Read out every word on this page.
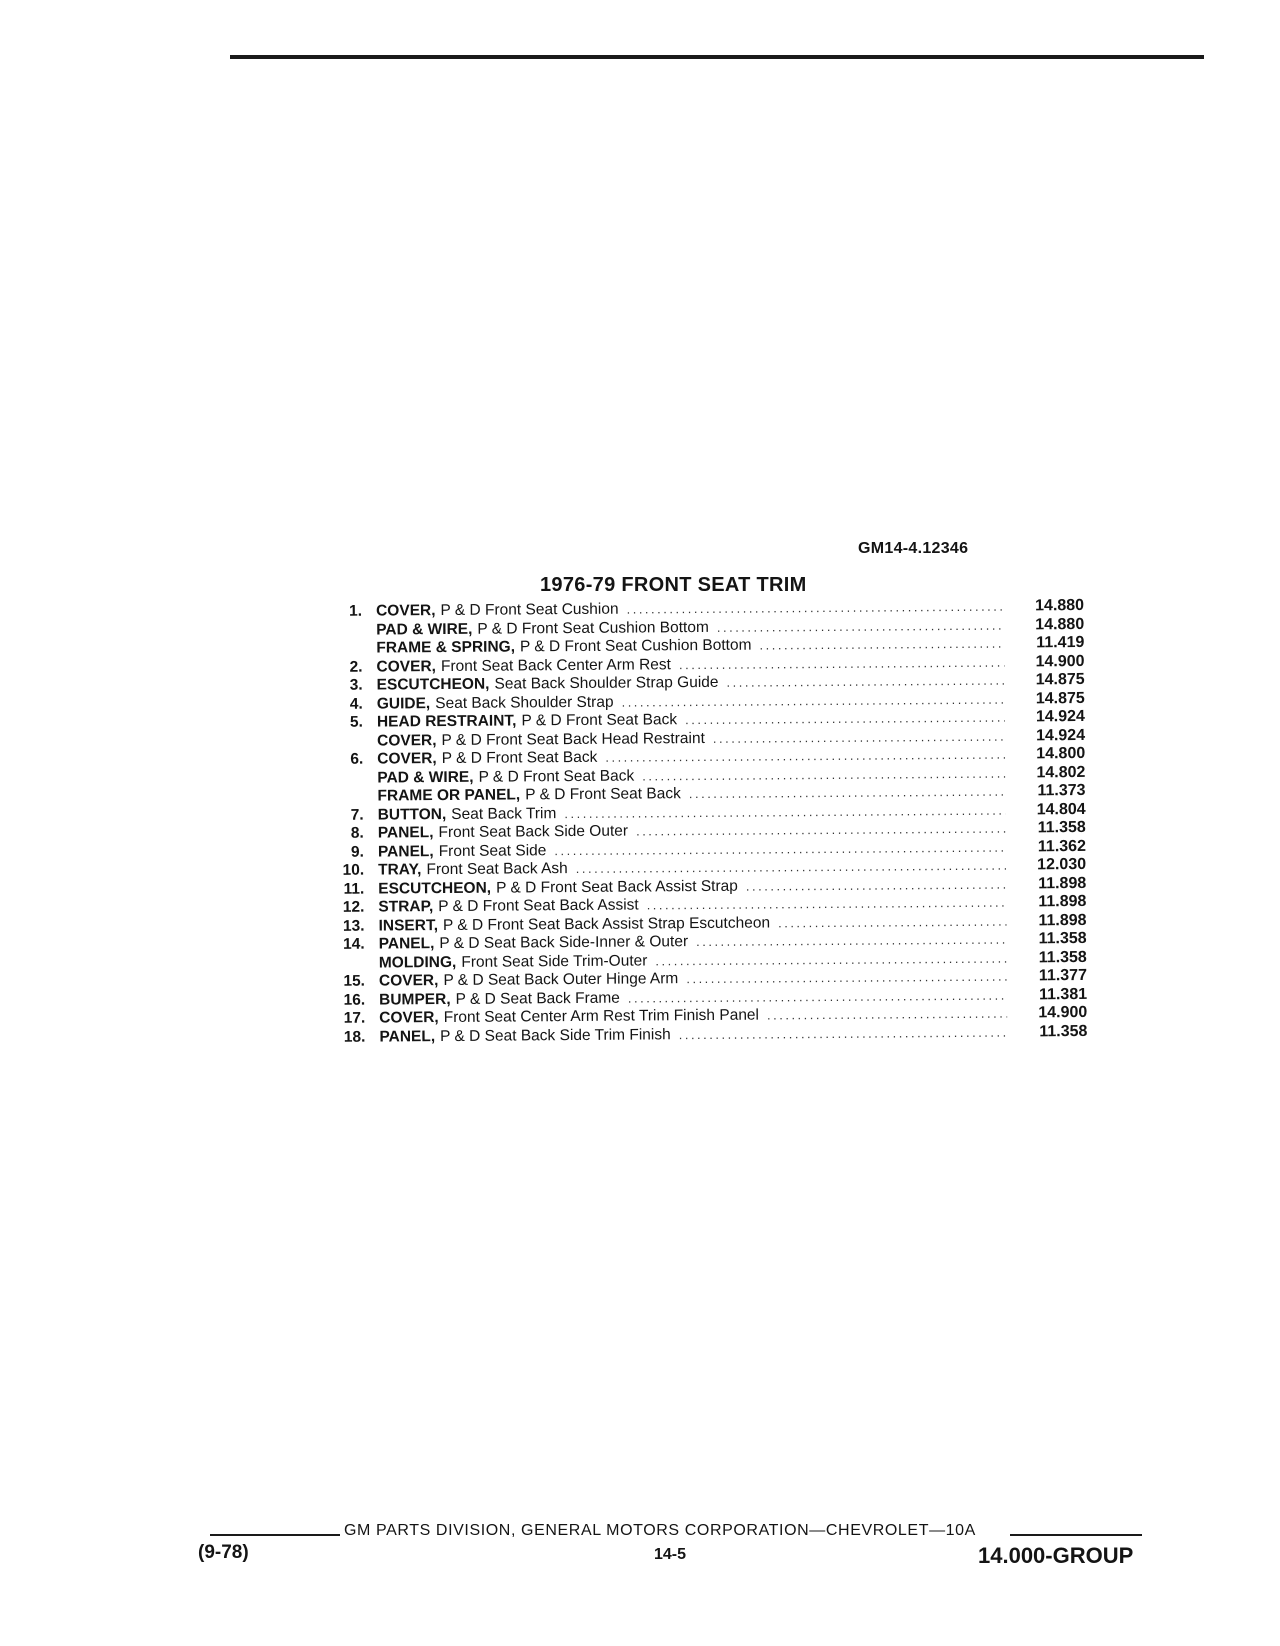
GM14-4.12346
1976-79 FRONT SEAT TRIM
1. COVER, P & D Front Seat Cushion .....	14.880
PAD & WIRE, P & D Front Seat Cushion Bottom .....	14.880
FRAME & SPRING, P & D Front Seat Cushion Bottom .....	11.419
2. COVER, Front Seat Back Center Arm Rest .....	14.900
3. ESCUTCHEON, Seat Back Shoulder Strap Guide .....	14.875
4. GUIDE, Seat Back Shoulder Strap .....	14.875
5. HEAD RESTRAINT, P & D Front Seat Back .....	14.924
COVER, P & D Front Seat Back Head Restraint .....	14.924
6. COVER, P & D Front Seat Back .....	14.800
PAD & WIRE, P & D Front Seat Back .....	14.802
FRAME OR PANEL, P & D Front Seat Back .....	11.373
7. BUTTON, Seat Back Trim .....	14.804
8. PANEL, Front Seat Back Side Outer .....	11.358
9. PANEL, Front Seat Side .....	11.362
10. TRAY, Front Seat Back Ash .....	12.030
11. ESCUTCHEON, P & D Front Seat Back Assist Strap .....	11.898
12. STRAP, P & D Front Seat Back Assist .....	11.898
13. INSERT, P & D Front Seat Back Assist Strap Escutcheon .....	11.898
14. PANEL, P & D Seat Back Side-Inner & Outer .....	11.358
MOLDING, Front Seat Side Trim-Outer .....	11.358
15. COVER, P & D Seat Back Outer Hinge Arm .....	11.377
16. BUMPER, P & D Seat Back Frame .....	11.381
17. COVER, Front Seat Center Arm Rest Trim Finish Panel .....	14.900
18. PANEL, P & D Seat Back Side Trim Finish .....	11.358
GM PARTS DIVISION, GENERAL MOTORS CORPORATION—CHEVROLET—10A
(9-78)	14-5	14.000-GROUP
